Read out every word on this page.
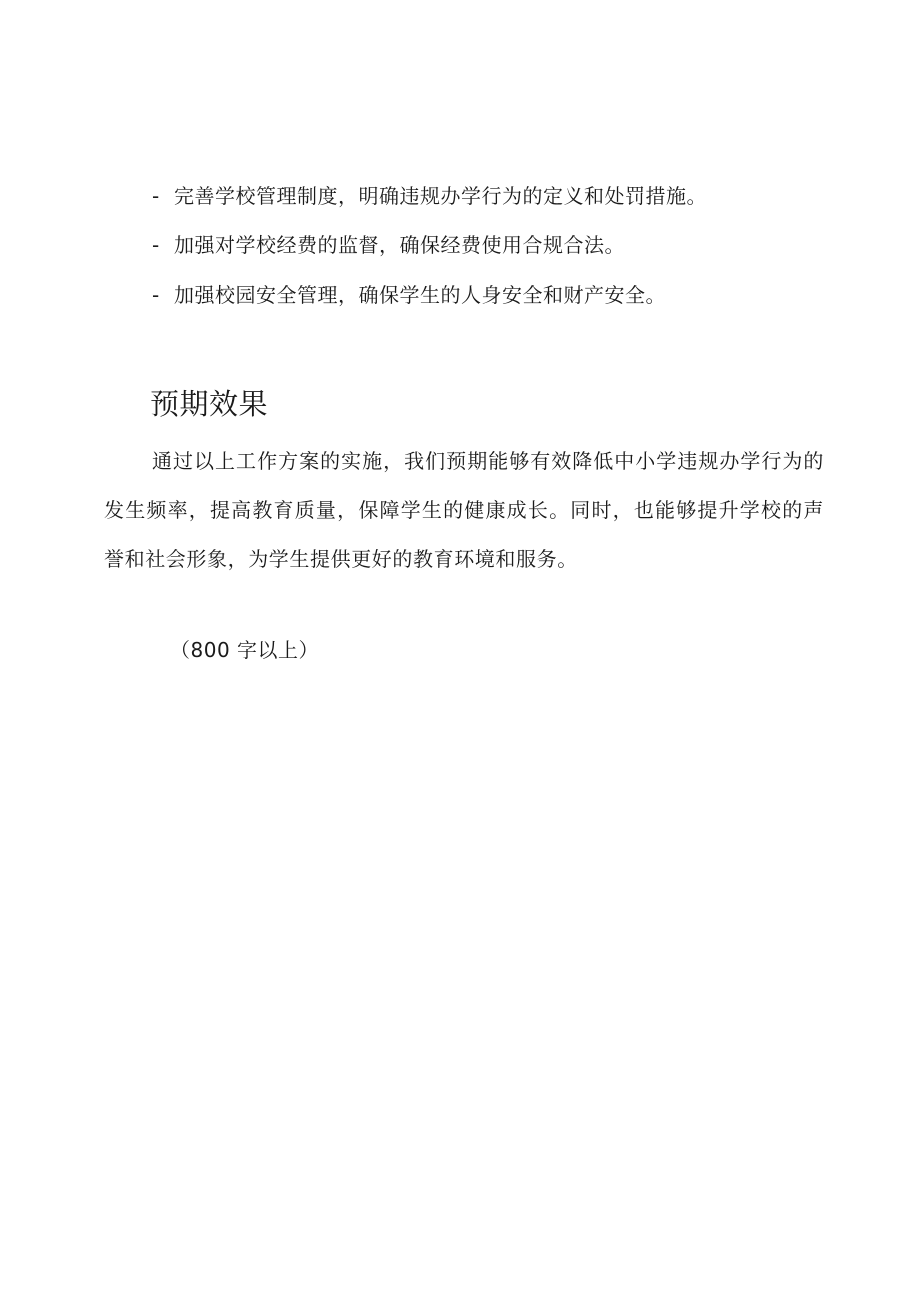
- 完善学校管理制度，明确违规办学行为的定义和处罚措施。
- 加强对学校经费的监督，确保经费使用合规合法。
- 加强校园安全管理，确保学生的人身安全和财产安全。
预期效果

通过以上工作方案的实施，我们预期能够有效降低中小学违规办学行为的发生频率，提高教育质量，保障学生的健康成长。同时，也能够提升学校的声誉和社会形象，为学生提供更好的教育环境和服务。

（800 字以上）
